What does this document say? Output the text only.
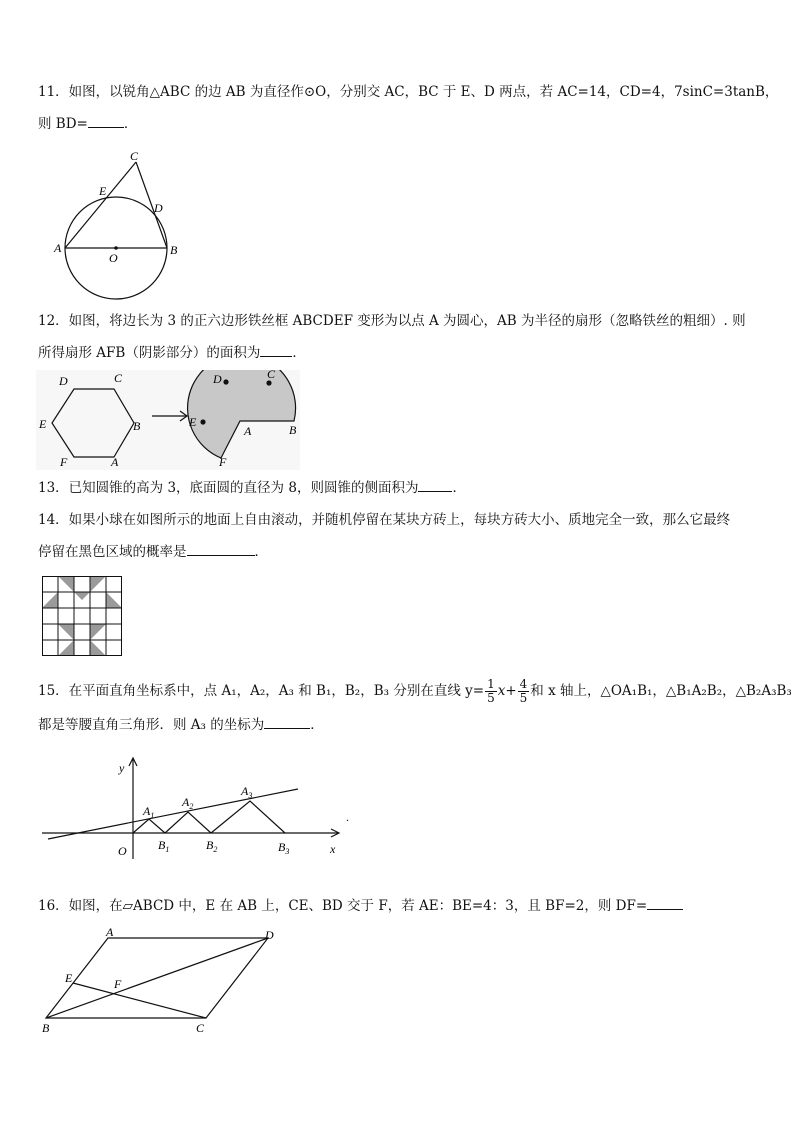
11．如图，以锐角△ABC 的边 AB 为直径作⊙O，分别交 AC，BC 于 E、D 两点，若 AC=14，CD=4，7sinC=3tanB，
则 BD=	．
C
E
D
A	B
O
12．如图，将边长为 3 的正六边形铁丝框 ABCDEF 变形为以点 A 为圆心，AB 为半径的扇形（忽略铁丝的粗细）. 则
所得扇形 AFB（阴影部分）的面积为 ．
D	C
E	B
F	A
D	C
E
A	B
F
13．已知圆锥的高为 3，底面圆的直径为 8，则圆锥的侧面积为	．
14．如果小球在如图所示的地面上自由滚动，并随机停留在某块方砖上，每块方砖大小、质地完全一致，那么它最终
停留在黑色区域的概率是	．
15．在平面直角坐标系中，点 A₁，A₂，A₃ 和 B₁，B₂，B₃ 分别在直线 $y= \frac{1}{5} x+ \frac{4}{5}$ 和 x 轴上，△OA₁B₁，△B₁A₂B₂，△B₂A₃B₃
都是等腰直角三角形．则 A₃ 的坐标为	．
y
x
O
$A_1$
$A_2$
$A_3$
$B_1$	$B_2$	$B_3$
.
16．如图，在▱ABCD 中，E 在 AB 上，CE、BD 交于 F，若 AE：BE=4：3，且 BF=2，则 DF=
A	D
E	F
B	C
